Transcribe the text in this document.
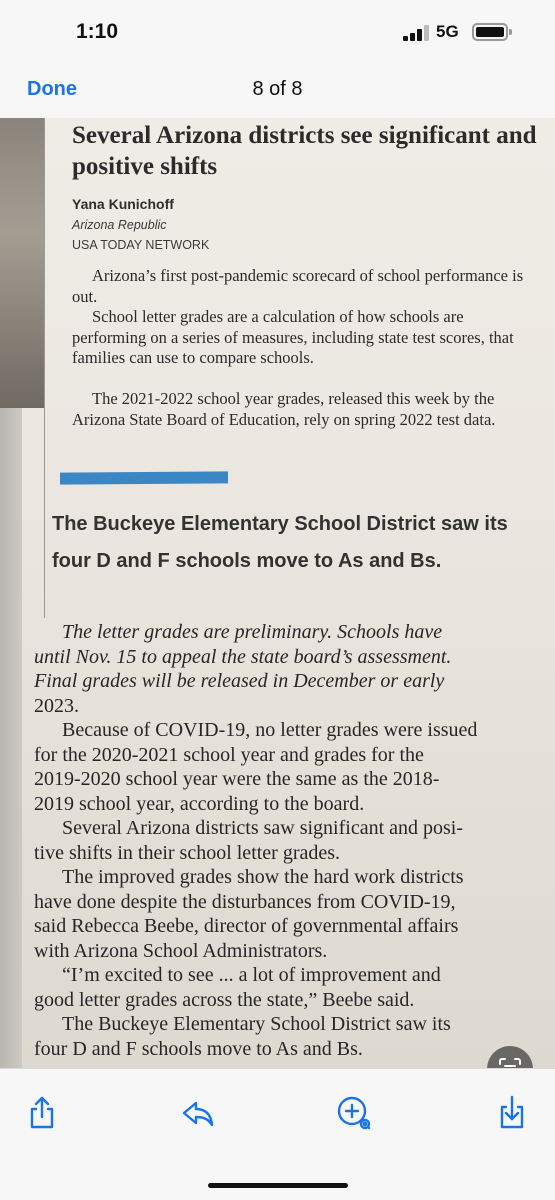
1:10	5G
Done	8 of 8
Several Arizona districts see significant and positive shifts
Yana Kunichoff
Arizona Republic
USA TODAY NETWORK

Arizona’s first post-pandemic scorecard of school performance is out.

School letter grades are a calculation of how schools are performing on a series of measures, including state test scores, that families can use to compare schools.

The 2021-2022 school year grades, released this week by the Arizona State Board of Education, rely on spring 2022 test data.

The Buckeye Elementary School District saw its four D and F schools move to As and Bs.
The letter grades are preliminary. Schools have
until Nov. 15 to appeal the state board’s assessment.
Final grades will be released in December or early
2023.
Because of COVID-19, no letter grades were issued
for the 2020-2021 school year and grades for the
2019-2020 school year were the same as the 2018-
2019 school year, according to the board.
Several Arizona districts saw significant and posi-
tive shifts in their school letter grades.
The improved grades show the hard work districts
have done despite the disturbances from COVID-19,
said Rebecca Beebe, director of governmental affairs
with Arizona School Administrators.
“I’m excited to see ... a lot of improvement and
good letter grades across the state,” Beebe said.
The Buckeye Elementary School District saw its
four D and F schools move to As and Bs.
